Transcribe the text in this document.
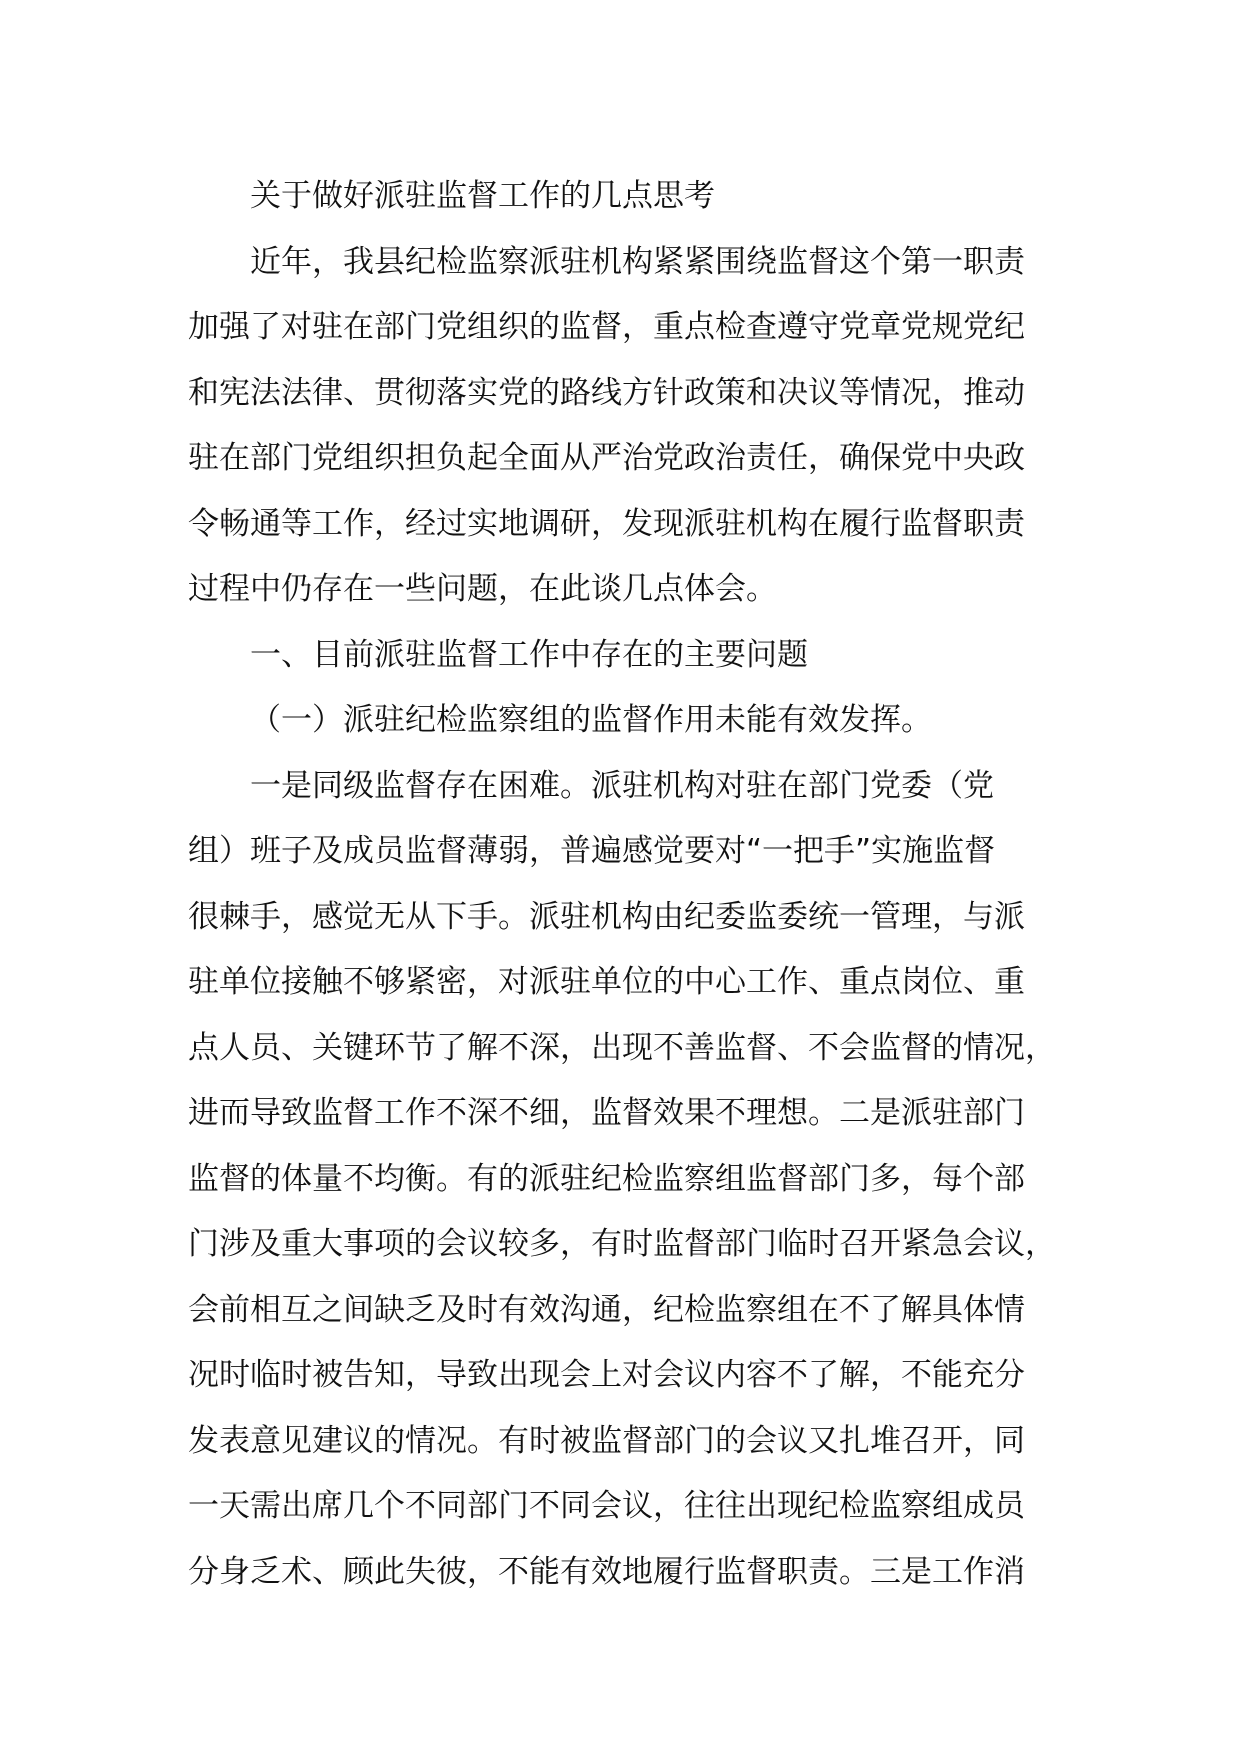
关于做好派驻监督工作的几点思考
近年，我县纪检监察派驻机构紧紧围绕监督这个第一职责
加强了对驻在部门党组织的监督，重点检查遵守党章党规党纪
和宪法法律、贯彻落实党的路线方针政策和决议等情况，推动
驻在部门党组织担负起全面从严治党政治责任，确保党中央政
令畅通等工作，经过实地调研，发现派驻机构在履行监督职责
过程中仍存在一些问题，在此谈几点体会。
一、目前派驻监督工作中存在的主要问题
（一）派驻纪检监察组的监督作用未能有效发挥。
一是同级监督存在困难。派驻机构对驻在部门党委（党
组）班子及成员监督薄弱，普遍感觉要对“一把手”实施监督
很棘手，感觉无从下手。派驻机构由纪委监委统一管理，与派
驻单位接触不够紧密，对派驻单位的中心工作、重点岗位、重
点人员、关键环节了解不深，出现不善监督、不会监督的情况，
进而导致监督工作不深不细，监督效果不理想。二是派驻部门
监督的体量不均衡。有的派驻纪检监察组监督部门多，每个部
门涉及重大事项的会议较多，有时监督部门临时召开紧急会议，
会前相互之间缺乏及时有效沟通，纪检监察组在不了解具体情
况时临时被告知，导致出现会上对会议内容不了解，不能充分
发表意见建议的情况。有时被监督部门的会议又扎堆召开，同
一天需出席几个不同部门不同会议，往往出现纪检监察组成员
分身乏术、顾此失彼，不能有效地履行监督职责。三是工作消
